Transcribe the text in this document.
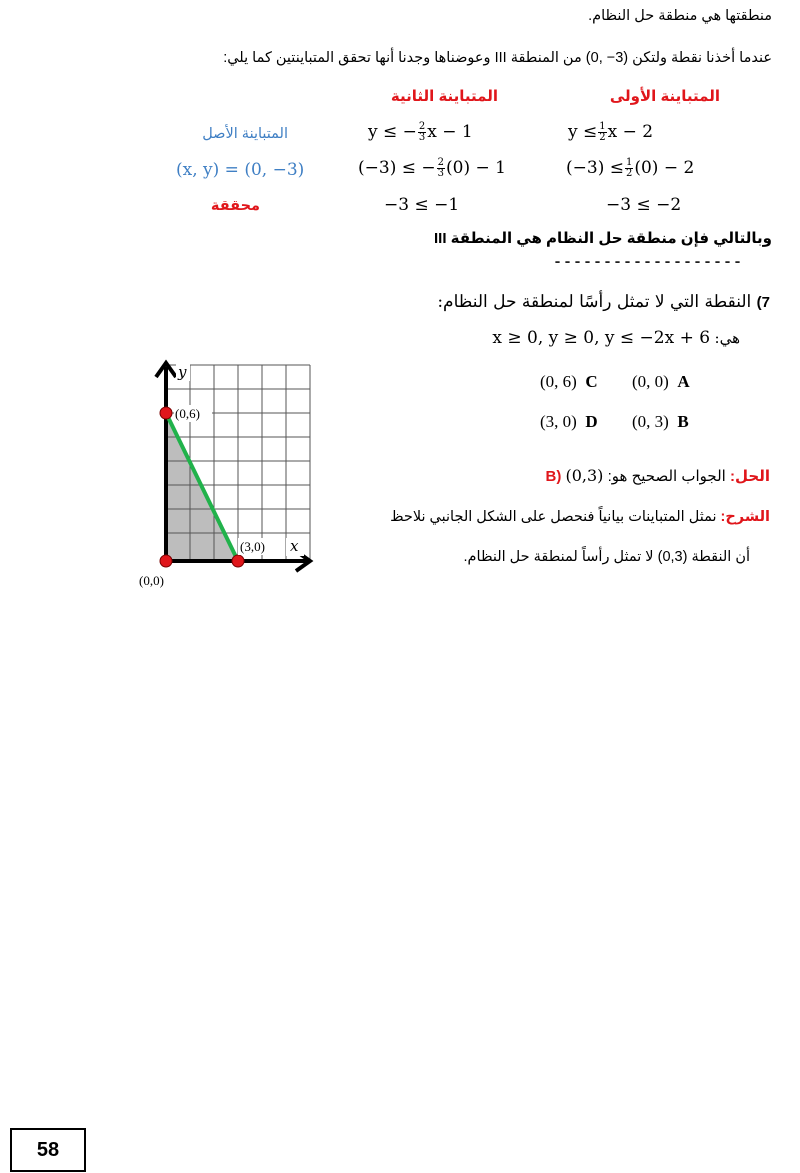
منطقتها هي منطقة حل النظام.
عندما أخذنا نقطة ولتكن (3− ,0) من المنطقة III وعوضناها وجدنا أنها تحقق المتباينتين كما يلي:
المتباينة الأولى
المتباينة الثانية
$y \le \frac{1}{2}$ x − 2
y ≤ − $\frac{2}{3}$ x − 1
المتباينة الأصل
$(-3) \le \frac{1}{2} (0) - 2$
(−3) ≤ − $\frac{2}{3} (0) - 1$
(x, y) = (0, −3)
−3 ≤ −2
−3 ≤ −1
محققة
وبالتالي فإن منطقة حل النظام هي المنطقة III
-------------------
7) النقطة التي لا تمثل رأسًا لمنطقة حل النظام:
هي: x ≥ 0, y ≥ 0, y ≤ −2x + 6
(0, 0) A
(0, 6) C
(0, 3) B
(3, 0) D
الحل: الجواب الصحيح هو: B) (0,3)
الشرح: نمثل المتباينات بيانياً فنحصل على الشكل الجانبي نلاحظ
أن النقطة (0,3) لا تمثل رأساً لمنطقة حل النظام.
y
(0,6)
(3,0) x
(0,0)
58
